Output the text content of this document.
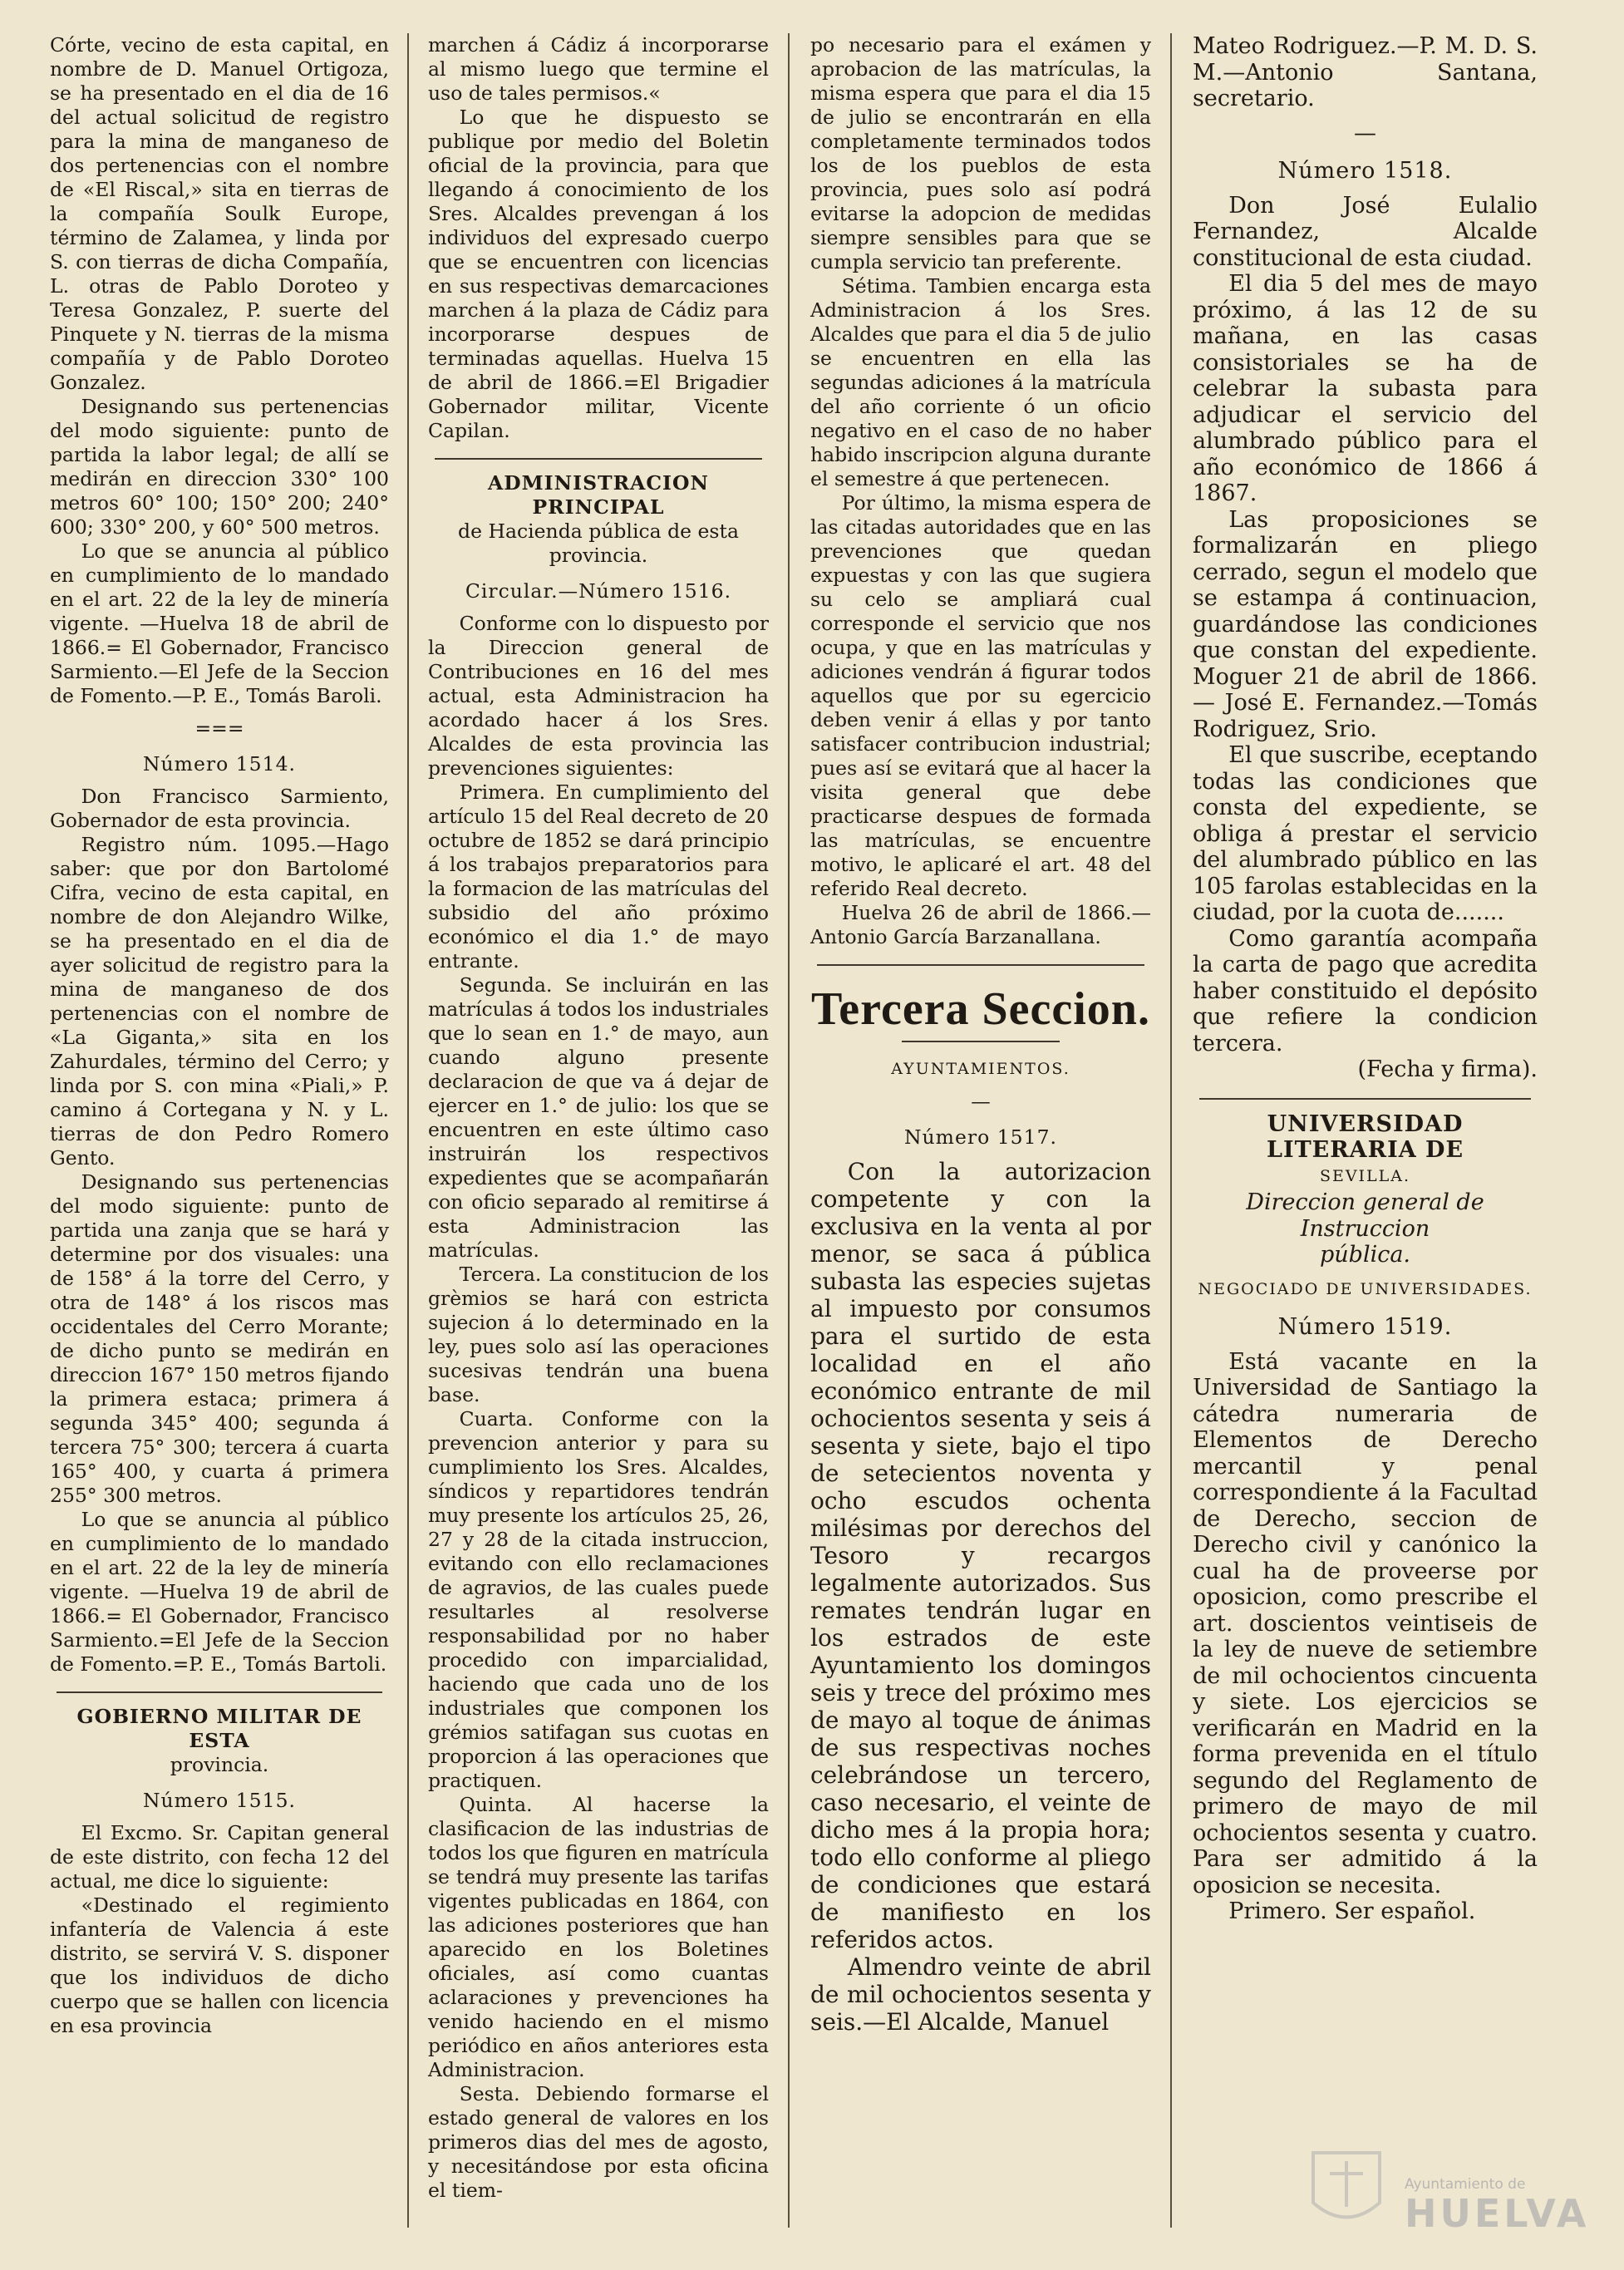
Córte, vecino de esta capital, en nombre de D. Manuel Ortigoza, se ha presentado en el dia de 16 del actual solicitud de registro para la mina de manganeso de dos pertenencias con el nombre de «El Riscal,» sita en tierras de la compañía Soulk Europe, término de Zalamea, y linda por S. con tierras de dicha Compañía, L. otras de Pablo Doroteo y Teresa Gonzalez, P. suerte del Pinquete y N. tierras de la misma compañía y de Pablo Doroteo Gonzalez.

Designando sus pertenencias del modo siguiente: punto de partida la labor legal; de allí se medirán en direccion 330° 100 metros 60° 100; 150° 200; 240° 600; 330° 200, y 60° 500 metros.

Lo que se anuncia al público en cumplimiento de lo mandado en el art. 22 de la ley de minería vigente. —Huelva 18 de abril de 1866.= El Gobernador, Francisco Sarmiento.—El Jefe de la Seccion de Fomento.—P. E., Tomás Baroli.

===
Número 1514.

Don Francisco Sarmiento, Gobernador de esta provincia.

Registro núm. 1095.—Hago saber: que por don Bartolomé Cifra, vecino de esta capital, en nombre de don Alejandro Wilke, se ha presentado en el dia de ayer solicitud de registro para la mina de manganeso de dos pertenencias con el nombre de «La Giganta,» sita en los Zahurdales, término del Cerro; y linda por S. con mina «Piali,» P. camino á Cortegana y N. y L. tierras de don Pedro Romero Gento.

Designando sus pertenencias del modo siguiente: punto de partida una zanja que se hará y determine por dos visuales: una de 158° á la torre del Cerro, y otra de 148° á los riscos mas occidentales del Cerro Morante; de dicho punto se medirán en direccion 167° 150 metros fijando la primera estaca; primera á segunda 345° 400; segunda á tercera 75° 300; tercera á cuarta 165° 400, y cuarta á primera 255° 300 metros.

Lo que se anuncia al público en cumplimiento de lo mandado en el art. 22 de la ley de minería vigente. —Huelva 19 de abril de 1866.= El Gobernador, Francisco Sarmiento.=El Jefe de la Seccion de Fomento.=P. E., Tomás Bartoli.

GOBIERNO MILITAR DE ESTA
provincia.
Número 1515.

El Excmo. Sr. Capitan general de este distrito, con fecha 12 del actual, me dice lo siguiente:

«Destinado el regimiento infantería de Valencia á este distrito, se servirá V. S. disponer que los individuos de dicho cuerpo que se hallen con licencia en esa provincia

marchen á Cádiz á incorporarse al mismo luego que termine el uso de tales permisos.«

Lo que he dispuesto se publique por medio del Boletin oficial de la provincia, para que llegando á conocimiento de los Sres. Alcaldes prevengan á los individuos del expresado cuerpo que se encuentren con licencias en sus respectivas demarcaciones marchen á la plaza de Cádiz para incorporarse despues de terminadas aquellas. Huelva 15 de abril de 1866.=El Brigadier Gobernador militar, Vicente Capilan.

ADMINISTRACION PRINCIPAL
de Hacienda pública de esta provincia.
Circular.—Número 1516.

Conforme con lo dispuesto por la Direccion general de Contribuciones en 16 del mes actual, esta Administracion ha acordado hacer á los Sres. Alcaldes de esta provincia las prevenciones siguientes:

Primera. En cumplimiento del artículo 15 del Real decreto de 20 octubre de 1852 se dará principio á los trabajos preparatorios para la formacion de las matrículas del subsidio del año próximo económico el dia 1.° de mayo entrante.

Segunda. Se incluirán en las matrículas á todos los industriales que lo sean en 1.° de mayo, aun cuando alguno presente declaracion de que va á dejar de ejercer en 1.° de julio: los que se encuentren en este último caso instruirán los respectivos expedientes que se acompañarán con oficio separado al remitirse á esta Administracion las matrículas.

Tercera. La constitucion de los grèmios se hará con estricta sujecion á lo determinado en la ley, pues solo así las operaciones sucesivas tendrán una buena base.

Cuarta. Conforme con la prevencion anterior y para su cumplimiento los Sres. Alcaldes, síndicos y repartidores tendrán muy presente los artículos 25, 26, 27 y 28 de la citada instruccion, evitando con ello reclamaciones de agravios, de las cuales puede resultarles al resolverse responsabilidad por no haber procedido con imparcialidad, haciendo que cada uno de los industriales que componen los grémios satifagan sus cuotas en proporcion á las operaciones que practiquen.

Quinta. Al hacerse la clasificacion de las industrias de todos los que figuren en matrícula se tendrá muy presente las tarifas vigentes publicadas en 1864, con las adiciones posteriores que han aparecido en los Boletines oficiales, así como cuantas aclaraciones y prevenciones ha venido haciendo en el mismo periódico en años anteriores esta Administracion.

Sesta. Debiendo formarse el estado general de valores en los primeros dias del mes de agosto, y necesitándose por esta oficina el tiem-

po necesario para el exámen y aprobacion de las matrículas, la misma espera que para el dia 15 de julio se encontrarán en ella completamente terminados todos los de los pueblos de esta provincia, pues solo así podrá evitarse la adopcion de medidas siempre sensibles para que se cumpla servicio tan preferente.

Sétima. Tambien encarga esta Administracion á los Sres. Alcaldes que para el dia 5 de julio se encuentren en ella las segundas adiciones á la matrícula del año corriente ó un oficio negativo en el caso de no haber habido inscripcion alguna durante el semestre á que pertenecen.

Por último, la misma espera de las citadas autoridades que en las prevenciones que quedan expuestas y con las que sugiera su celo se ampliará cual corresponde el servicio que nos ocupa, y que en las matrículas y adiciones vendrán á figurar todos aquellos que por su egercicio deben venir á ellas y por tanto satisfacer contribucion industrial; pues así se evitará que al hacer la visita general que debe practicarse despues de formada las matrículas, se encuentre motivo, le aplicaré el art. 48 del referido Real decreto.

Huelva 26 de abril de 1866.— Antonio García Barzanallana.

Tercera Seccion.
AYUNTAMIENTOS.
—
Número 1517.

Con la autorizacion competente y con la exclusiva en la venta al por menor, se saca á pública subasta las especies sujetas al impuesto por consumos para el surtido de esta localidad en el año económico entrante de mil ochocientos sesenta y seis á sesenta y siete, bajo el tipo de setecientos noventa y ocho escudos ochenta milésimas por derechos del Tesoro y recargos legalmente autorizados. Sus remates tendrán lugar en los estrados de este Ayuntamiento los domingos seis y trece del próximo mes de mayo al toque de ánimas de sus respectivas noches celebrándose un tercero, caso necesario, el veinte de dicho mes á la propia hora; todo ello conforme al pliego de condiciones que estará de manifiesto en los referidos actos.

Almendro veinte de abril de mil ochocientos sesenta y seis.—El Alcalde, Manuel

Mateo Rodriguez.—P. M. D. S. M.—Antonio Santana, secretario.

—
Número 1518.

Don José Eulalio Fernandez, Alcalde constitucional de esta ciudad.

El dia 5 del mes de mayo próximo, á las 12 de su mañana, en las casas consistoriales se ha de celebrar la subasta para adjudicar el servicio del alumbrado público para el año económico de 1866 á 1867.

Las proposiciones se formalizarán en pliego cerrado, segun el modelo que se estampa á continuacion, guardándose las condiciones que constan del expediente. Moguer 21 de abril de 1866.— José E. Fernandez.—Tomás Rodriguez, Srio.

El que suscribe, eceptando todas las condiciones que consta del expediente, se obliga á prestar el servicio del alumbrado público en las 105 farolas establecidas en la ciudad, por la cuota de.......

Como garantía acompaña la carta de pago que acredita haber constituido el depósito que refiere la condicion tercera.

(Fecha y firma).
UNIVERSIDAD LITERARIA DE
SEVILLA.
Direccion general de Instruccion
pública.
NEGOCIADO DE UNIVERSIDADES.
Número 1519.

Está vacante en la Universidad de Santiago la cátedra numeraria de Elementos de Derecho mercantil y penal correspondiente á la Facultad de Derecho, seccion de Derecho civil y canónico la cual ha de proveerse por oposicion, como prescribe el art. doscientos veintiseis de la ley de nueve de setiembre de mil ochocientos cincuenta y siete. Los ejercicios se verificarán en Madrid en la forma prevenida en el título segundo del Reglamento de primero de mayo de mil ochocientos sesenta y cuatro. Para ser admitido á la oposicion se necesita.

Primero. Ser español.

Ayuntamiento de
HUELVA
